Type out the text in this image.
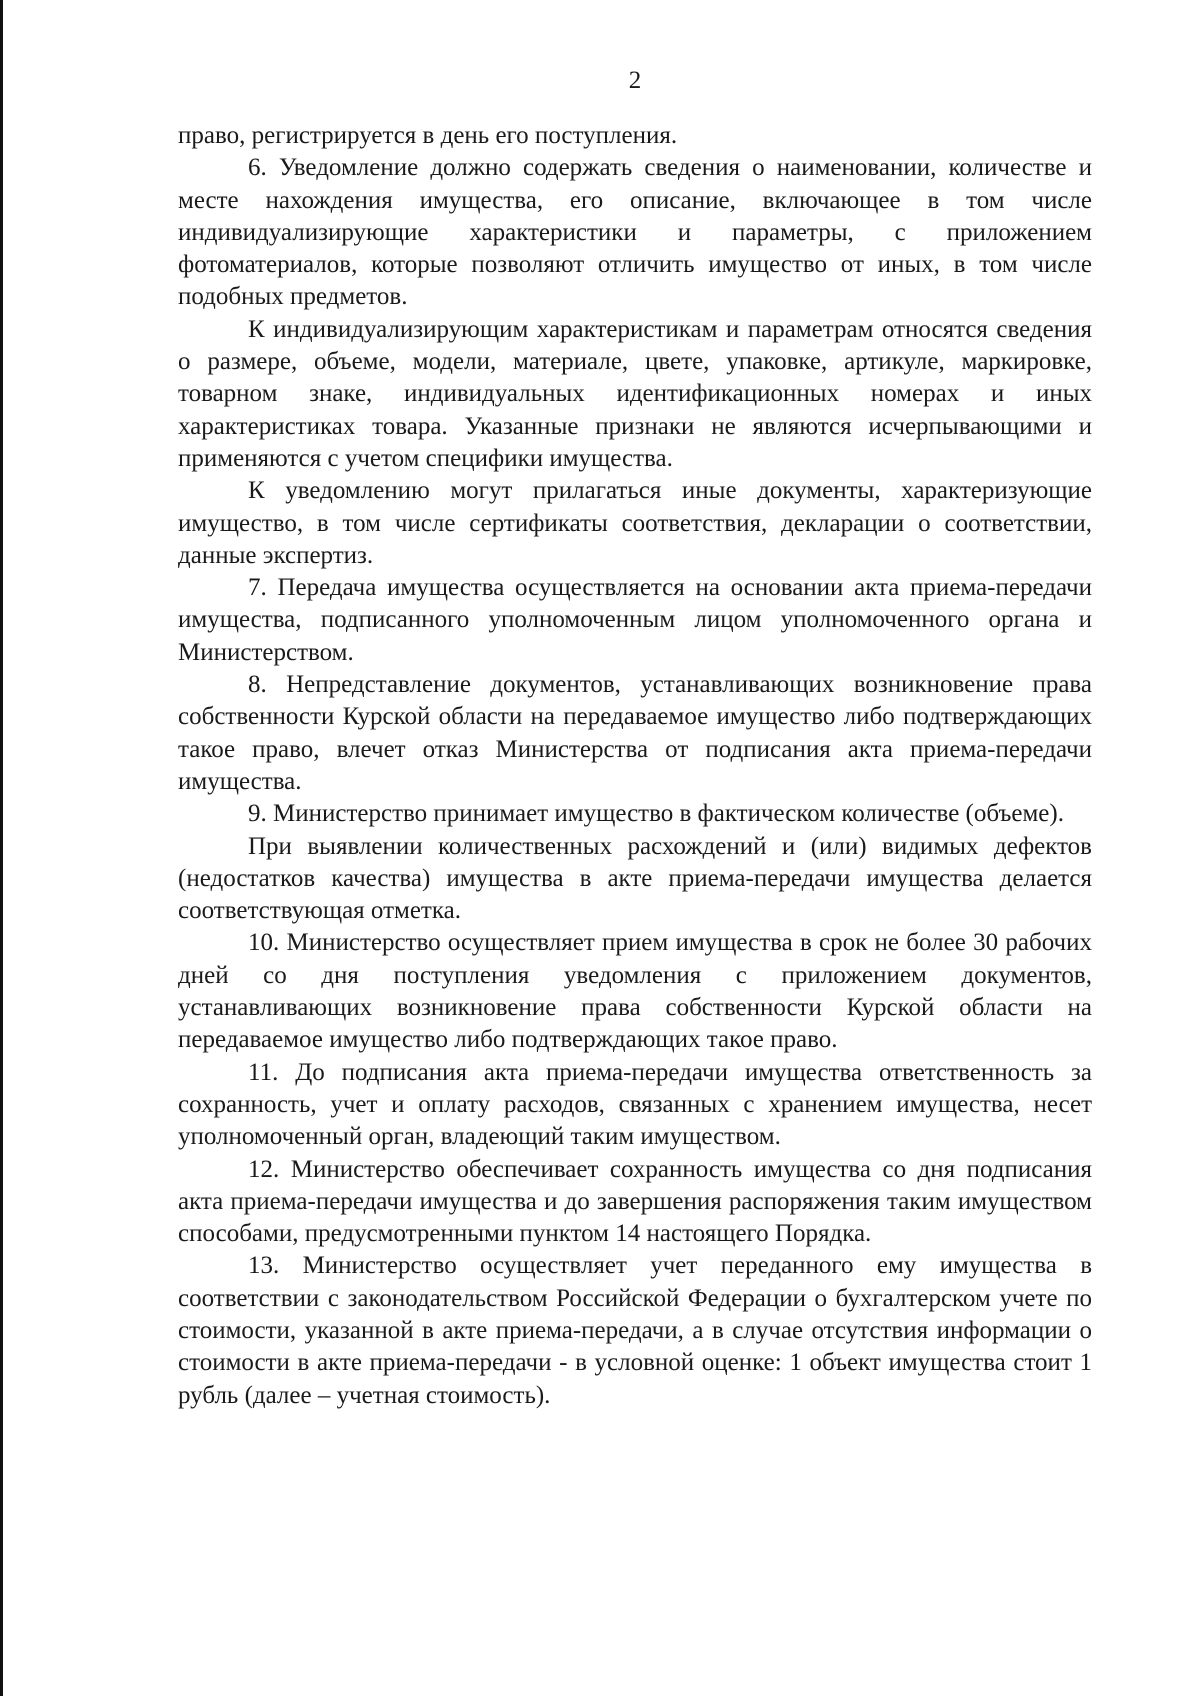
2

право, регистрируется в день его поступления.

6. Уведомление должно содержать сведения о наименовании, количестве и месте нахождения имущества, его описание, включающее в том числе индивидуализирующие характеристики и параметры, с приложением фотоматериалов, которые позволяют отличить имущество от иных, в том числе подобных предметов.

К индивидуализирующим характеристикам и параметрам относятся сведения о размере, объеме, модели, материале, цвете, упаковке, артикуле, маркировке, товарном знаке, индивидуальных идентификационных номерах и иных характеристиках товара. Указанные признаки не являются исчерпывающими и применяются с учетом специфики имущества.

К уведомлению могут прилагаться иные документы, характеризующие имущество, в том числе сертификаты соответствия, декларации о соответствии, данные экспертиз.

7. Передача имущества осуществляется на основании акта приема-передачи имущества, подписанного уполномоченным лицом уполномоченного органа и Министерством.

8. Непредставление документов, устанавливающих возникновение права собственности Курской области на передаваемое имущество либо подтверждающих такое право, влечет отказ Министерства от подписания акта приема-передачи имущества.

9. Министерство принимает имущество в фактическом количестве (объеме).

При выявлении количественных расхождений и (или) видимых дефектов (недостатков качества) имущества в акте приема-передачи имущества делается соответствующая отметка.

10. Министерство осуществляет прием имущества в срок не более 30 рабочих дней со дня поступления уведомления с приложением документов, устанавливающих возникновение права собственности Курской области на передаваемое имущество либо подтверждающих такое право.

11. До подписания акта приема-передачи имущества ответственность за сохранность, учет и оплату расходов, связанных с хранением имущества, несет уполномоченный орган, владеющий таким имуществом.

12. Министерство обеспечивает сохранность имущества со дня подписания акта приема-передачи имущества и до завершения распоряжения таким имуществом способами, предусмотренными пунктом 14 настоящего Порядка.

13. Министерство осуществляет учет переданного ему имущества в соответствии с законодательством Российской Федерации о бухгалтерском учете по стоимости, указанной в акте приема-передачи, а в случае отсутствия информации о стоимости в акте приема-передачи - в условной оценке: 1 объект имущества стоит 1 рубль (далее – учетная стоимость).
